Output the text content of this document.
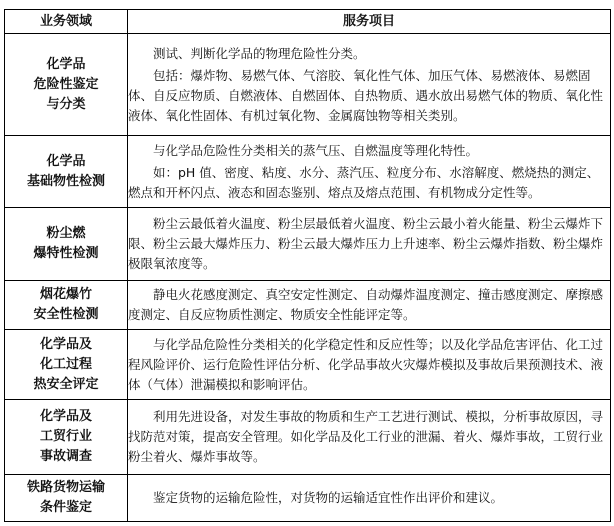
业务领域	服务项目

化学品
危险性鉴定
与分类	测试、判断化学品的物理危险性分类。
包括：爆炸物、易燃气体、气溶胶、氧化性气体、加压气体、易燃液体、易燃固体、自反应物质、自燃液体、自燃固体、自热物质、遇水放出易燃气体的物质、氧化性液体、氧化性固体、有机过氧化物、金属腐蚀物等相关类别。

化学品
基础物性检测	与化学品危险性分类相关的蒸气压、自燃温度等理化特性。
如：pH 值、密度、粘度、水分、蒸汽压、粒度分布、水溶解度、燃烧热的测定、燃点和开杯闪点、液态和固态鉴别、熔点及熔点范围、有机物成分定性等。

粉尘燃
爆特性检测	粉尘云最低着火温度、粉尘层最低着火温度、粉尘云最小着火能量、粉尘云爆炸下限、粉尘云最大爆炸压力、粉尘云最大爆炸压力上升速率、粉尘云爆炸指数、粉尘爆炸极限氧浓度等。

烟花爆竹
安全性检测	静电火花感度测定、真空安定性测定、自动爆炸温度测定、撞击感度测定、摩擦感度测定、自反应物质性测定、物质安全性能评定等。

化学品及
化工过程
热安全评定	与化学品危险性分类相关的化学稳定性和反应性等；以及化学品危害评估、化工过程风险评价、运行危险性评估分析、化学品事故火灾爆炸模拟及事故后果预测技术、液体（气体）泄漏模拟和影响评估。

化学品及
工贸行业
事故调查	利用先进设备，对发生事故的物质和生产工艺进行测试、模拟，分析事故原因，寻找防范对策，提高安全管理。如化学品及化工行业的泄漏、着火、爆炸事故，工贸行业粉尘着火、爆炸事故等。

铁路货物运输
条件鉴定	鉴定货物的运输危险性，对货物的运输适宜性作出评价和建议。
